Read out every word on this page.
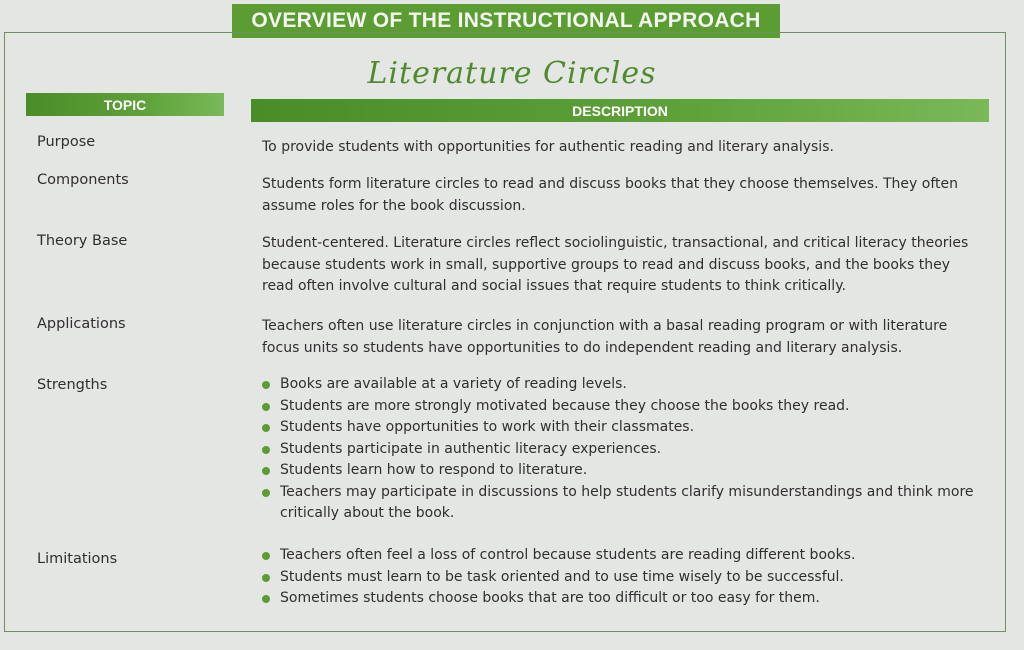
OVERVIEW OF THE INSTRUCTIONAL APPROACH
Literature Circles
TOPIC	DESCRIPTION
Purpose	To provide students with opportunities for authentic reading and literary analysis.
Components	Students form literature circles to read and discuss books that they choose themselves. They often assume roles for the book discussion.
Theory Base	Student-centered. Literature circles reflect sociolinguistic, transactional, and critical literacy theories because students work in small, supportive groups to read and discuss books, and the books they read often involve cultural and social issues that require students to think critically.
Applications	Teachers often use literature circles in conjunction with a basal reading program or with literature focus units so students have opportunities to do independent reading and literary analysis.
Strengths	Books are available at a variety of reading levels.
Students are more strongly motivated because they choose the books they read.
Students have opportunities to work with their classmates.
Students participate in authentic literacy experiences.
Students learn how to respond to literature.
Teachers may participate in discussions to help students clarify misunderstandings and think more critically about the book.
Limitations	Teachers often feel a loss of control because students are reading different books.
Students must learn to be task oriented and to use time wisely to be successful.
Sometimes students choose books that are too difficult or too easy for them.
